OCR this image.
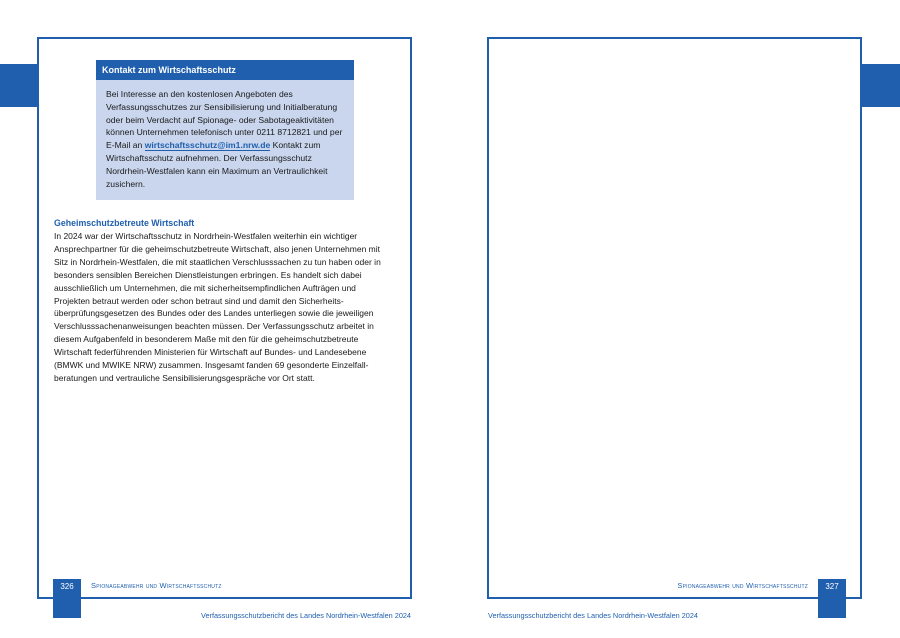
Kontakt zum Wirtschaftsschutz

Bei Interesse an den kostenlosen Angeboten des Verfassungsschutzes zur Sensibilisierung und Initialberatung oder beim Verdacht auf Spionage- oder Sabotageaktivitäten können Unternehmen telefonisch unter 0211 8712821 und per E-Mail an wirtschaftsschutz@im1.nrw.de Kontakt zum Wirtschaftsschutz aufnehmen. Der Verfassungsschutz Nordrhein-Westfalen kann ein Maximum an Vertraulichkeit zusichern.

Geheimschutzbetreute Wirtschaft

In 2024 war der Wirtschaftsschutz in Nordrhein-Westfalen weiterhin ein wichtiger Ansprechpartner für die geheimschutzbetreute Wirtschaft, also jenen Unternehmen mit Sitz in Nordrhein-Westfalen, die mit staatlichen Verschlusssachen zu tun haben oder in besonders sensiblen Bereichen Dienstleistungen erbringen. Es handelt sich dabei ausschließlich um Unternehmen, die mit sicherheitsempfindlichen Aufträgen und Projekten betraut werden oder schon betraut sind und damit den Sicherheitsüberprüfungsgesetzen des Bundes oder des Landes unterliegen sowie die jeweiligen Verschlusssachenanweisungen beachten müssen. Der Verfassungsschutz arbeitet in diesem Aufgabenfeld in besonderem Maße mit den für die geheimschutzbetreute Wirtschaft federführenden Ministerien für Wirtschaft auf Bundes- und Landesebene (BMWK und MWIKE NRW) zusammen. Insgesamt fanden 69 gesonderte Einzelfallberatungen und vertrauliche Sensibilisierungsgespräche vor Ort statt.

326	Spionageabwehr und Wirtschaftsschutz
Verfassungsschutzbericht des Landes Nordrhein-Westfalen 2024
327
Spionageabwehr und Wirtschaftsschutz
Verfassungsschutzbericht des Landes Nordrhein-Westfalen 2024
